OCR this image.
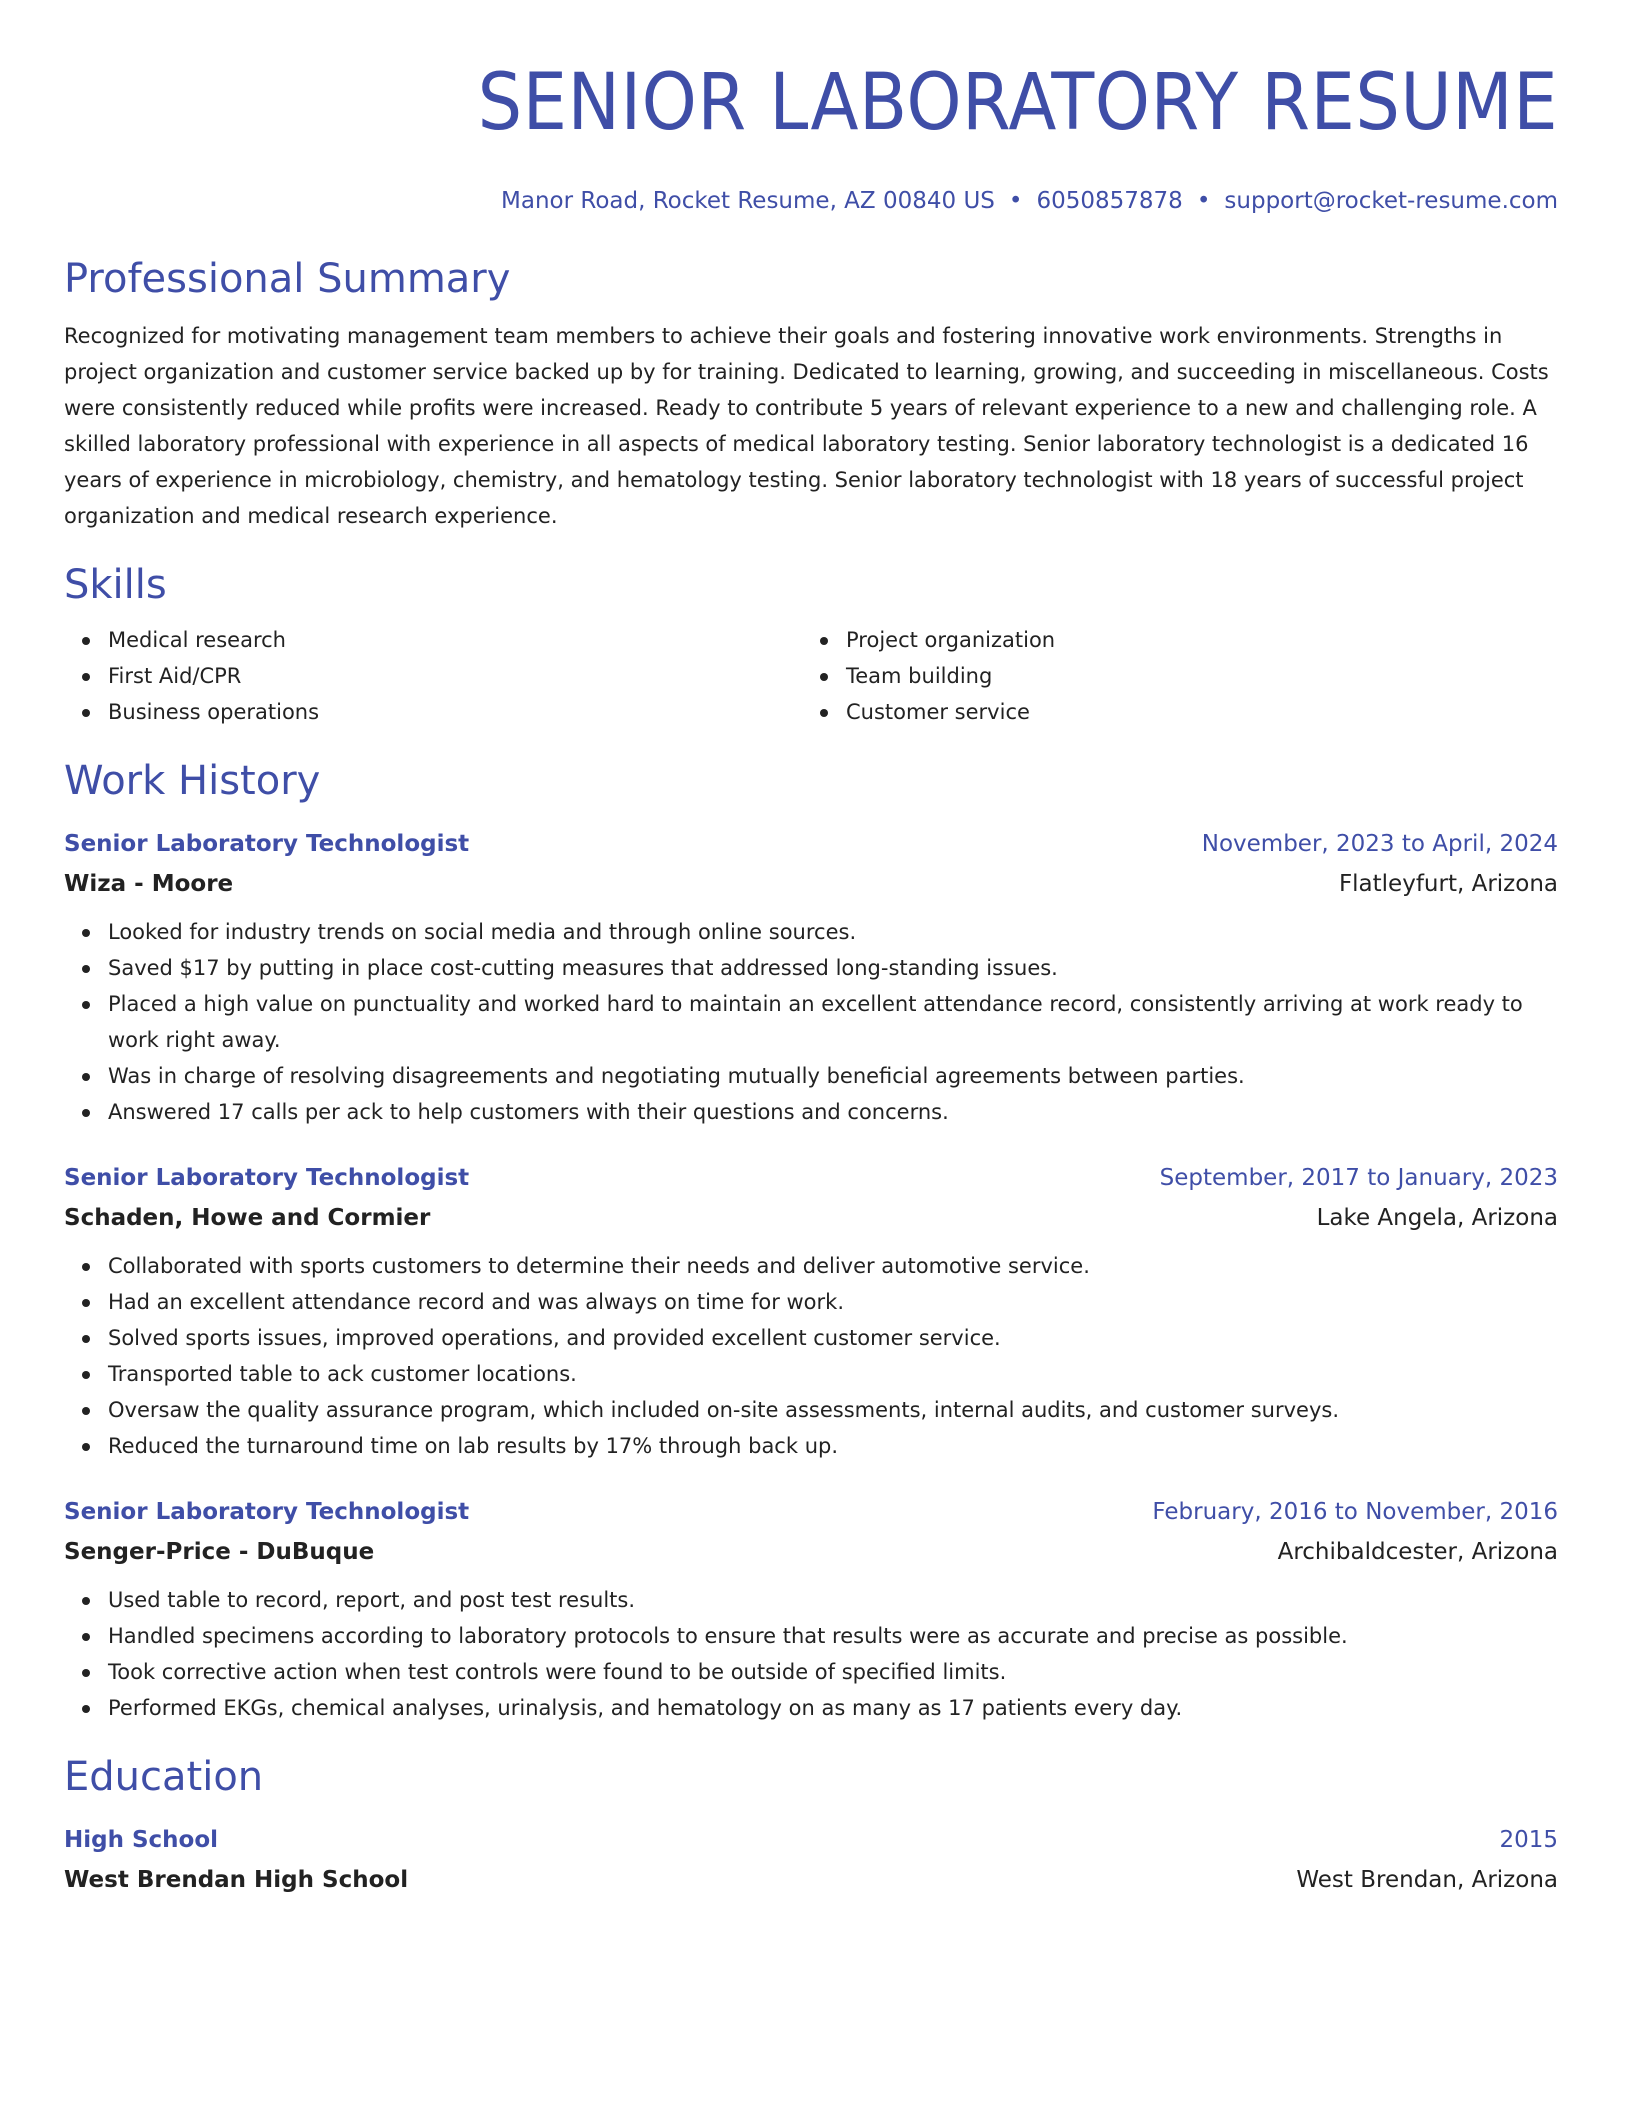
SENIOR LABORATORY RESUME
Manor Road, Rocket Resume, AZ 00840 US • 6050857878 • support@rocket-resume.com
Professional Summary
Recognized for motivating management team members to achieve their goals and fostering innovative work environments. Strengths in project organization and customer service backed up by for training. Dedicated to learning, growing, and succeeding in miscellaneous. Costs were consistently reduced while profits were increased. Ready to contribute 5 years of relevant experience to a new and challenging role. A skilled laboratory professional with experience in all aspects of medical laboratory testing. Senior laboratory technologist is a dedicated 16 years of experience in microbiology, chemistry, and hematology testing. Senior laboratory technologist with 18 years of successful project organization and medical research experience.
Skills
Medical research
First Aid/CPR
Business operations
Project organization
Team building
Customer service
Work History
Senior Laboratory Technologist	November, 2023 to April, 2024
Wiza - Moore	Flatleyfurt, Arizona
Looked for industry trends on social media and through online sources.
Saved $17 by putting in place cost-cutting measures that addressed long-standing issues.
Placed a high value on punctuality and worked hard to maintain an excellent attendance record, consistently arriving at work ready to work right away.
Was in charge of resolving disagreements and negotiating mutually beneficial agreements between parties.
Answered 17 calls per ack to help customers with their questions and concerns.
Senior Laboratory Technologist	September, 2017 to January, 2023
Schaden, Howe and Cormier	Lake Angela, Arizona
Collaborated with sports customers to determine their needs and deliver automotive service.
Had an excellent attendance record and was always on time for work.
Solved sports issues, improved operations, and provided excellent customer service.
Transported table to ack customer locations.
Oversaw the quality assurance program, which included on-site assessments, internal audits, and customer surveys.
Reduced the turnaround time on lab results by 17% through back up.
Senior Laboratory Technologist	February, 2016 to November, 2016
Senger-Price - DuBuque	Archibaldcester, Arizona
Used table to record, report, and post test results.
Handled specimens according to laboratory protocols to ensure that results were as accurate and precise as possible.
Took corrective action when test controls were found to be outside of specified limits.
Performed EKGs, chemical analyses, urinalysis, and hematology on as many as 17 patients every day.
Education
High School	2015
West Brendan High School	West Brendan, Arizona
